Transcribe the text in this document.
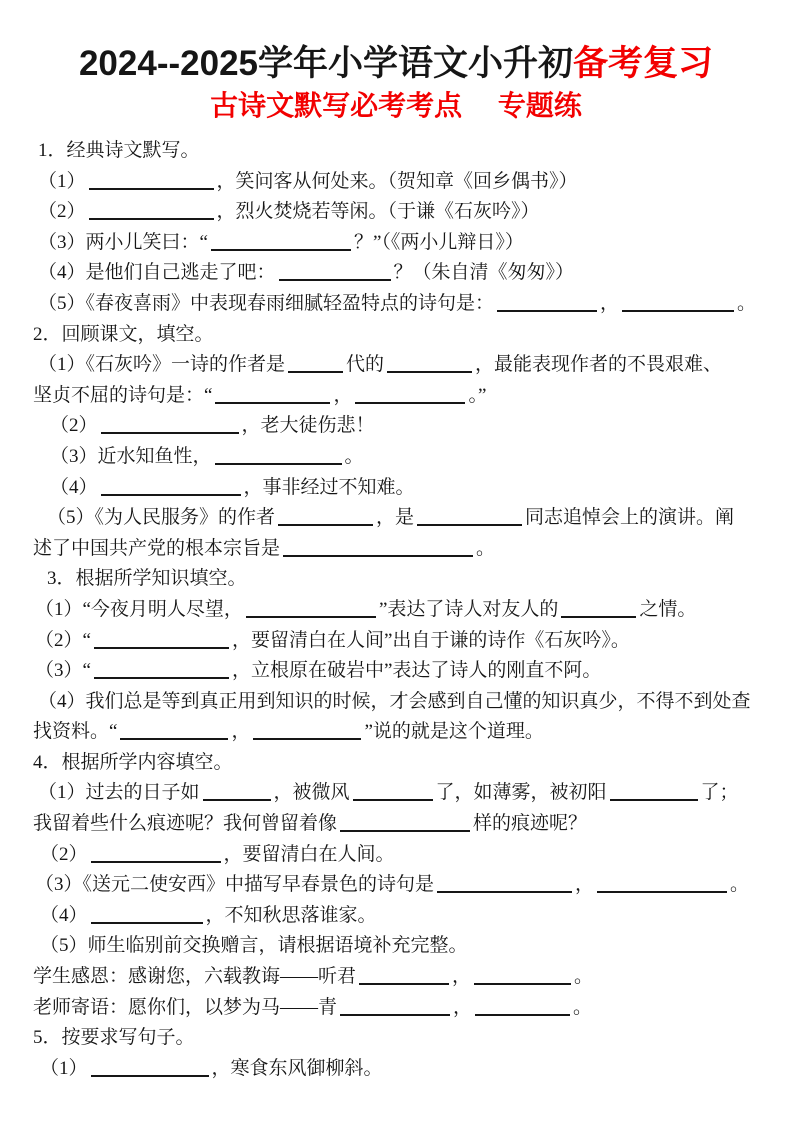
2024--2025学年小学语文小升初备考复习
古诗文默写必考考点　 专题练
1．经典诗文默写。
（1）	，笑问客从何处来。（贺知章《回乡偶书》）
（2）	，烈火焚烧若等闲。（于谦《石灰吟》）
（3）两小儿笑曰：“	？”（《两小儿辩日》）
（4）是他们自己逃走了吧：	？（朱自清《匆匆》）
（5）《春夜喜雨》中表现春雨细腻轻盈特点的诗句是：	，	。
2．回顾课文，填空。
（1）《石灰吟》一诗的作者是	代的	，最能表现作者的不畏艰难、
坚贞不屈的诗句是：“	，	。”
（2）	，老大徒伤悲！
（3）近水知鱼性，	。
（4）	，事非经过不知难。
（5）《为人民服务》的作者	，是	同志追悼会上的演讲。阐
述了中国共产党的根本宗旨是	。
3．根据所学知识填空。
（1）“今夜月明人尽望，	”表达了诗人对友人的	之情。
（2）“	，要留清白在人间”出自于谦的诗作《石灰吟》。
（3）“	，立根原在破岩中”表达了诗人的刚直不阿。
（4）我们总是等到真正用到知识的时候，才会感到自己懂的知识真少，不得不到处查
找资料。“	，	”说的就是这个道理。
4．根据所学内容填空。
（1）过去的日子如	，被微风	了，如薄雾，被初阳	了；
我留着些什么痕迹呢？我何曾留着像	样的痕迹呢？
（2）	，要留清白在人间。
（3）《送元二使安西》中描写早春景色的诗句是	，	。
（4）	，不知秋思落谁家。
（5）师生临别前交换赠言，请根据语境补充完整。
学生感恩：感谢您，六载教诲——听君	，	。
老师寄语：愿你们，以梦为马——青	，	。
5．按要求写句子。
（1）	，寒食东风御柳斜。
